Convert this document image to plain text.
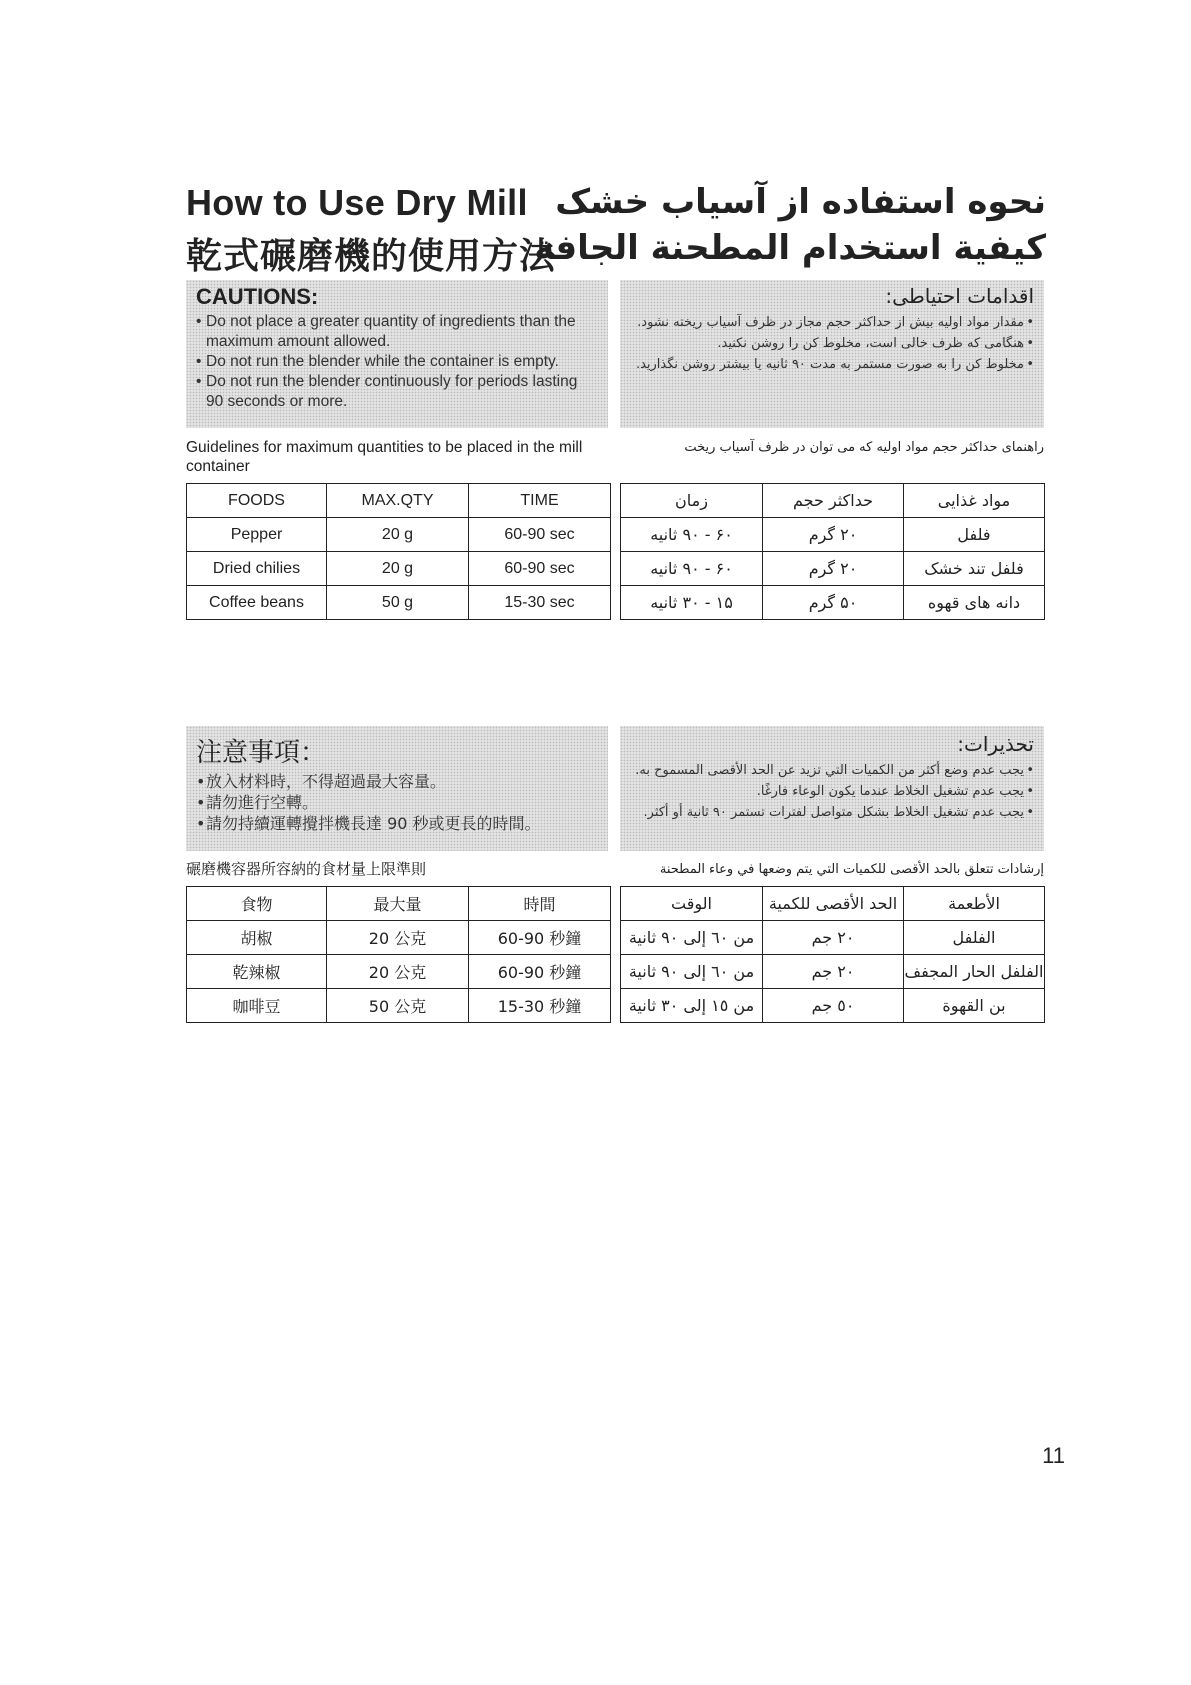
How to Use Dry Mill
乾式碾磨機的使用方法
نحوه استفاده از آسیاب خشک
كيفية استخدام المطحنة الجافة
CAUTIONS:
• Do not place a greater quantity of ingredients than the maximum amount allowed.
• Do not run the blender while the container is empty.
• Do not run the blender continuously for periods lasting 90 seconds or more.
اقدامات احتیاطی:
• مقدار مواد اولیه بیش از حداکثر حجم مجاز در ظرف آسیاب ریخته نشود.
• هنگامی که ظرف خالی است، مخلوط کن را روشن نکنید.
• مخلوط کن را به صورت مستمر به مدت ۹۰ ثانیه یا بیشتر روشن نگذارید.
Guidelines for maximum quantities to be placed in the mill container
راهنمای حداکثر حجم مواد اولیه که می توان در ظرف آسیاب ریخت
FOODS	MAX.QTY	TIME
Pepper	20 g	60-90 sec
Dried chilies	20 g	60-90 sec
Coffee beans	50 g	15-30 sec
مواد غذایی	حداکثر حجم	زمان
فلفل	۲۰ گرم	۶۰ - ۹۰ ثانیه
فلفل تند خشک	۲۰ گرم	۶۰ - ۹۰ ثانیه
دانه های قهوه	۵۰ گرم	۱۵ - ۳۰ ثانیه
注意事項：
• 放入材料時，不得超過最大容量。
• 請勿進行空轉。
• 請勿持續運轉攪拌機長達 90 秒或更長的時間。
تحذيرات:
• يجب عدم وضع أكثر من الكميات التي تزيد عن الحد الأقصى المسموح به.
• يجب عدم تشغيل الخلاط عندما يكون الوعاء فارغًا.
• يجب عدم تشغيل الخلاط بشكل متواصل لفترات تستمر ٩٠ ثانية أو أكثر.
碾磨機容器所容納的食材量上限準則	إرشادات تتعلق بالحد الأقصى للكميات التي يتم وضعها في وعاء المطحنة
食物	最大量	時間
胡椒	20 公克	60-90 秒鐘
乾辣椒	20 公克	60-90 秒鐘
咖啡豆	50 公克	15-30 秒鐘
الأطعمة	الحد الأقصى للكمية	الوقت
الفلفل	٢٠ جم	من ٦٠ إلى ٩٠ ثانية
الفلفل الحار المجفف	٢٠ جم	من ٦٠ إلى ٩٠ ثانية
بن القهوة	٥٠ جم	من ١٥ إلى ٣٠ ثانية
11
